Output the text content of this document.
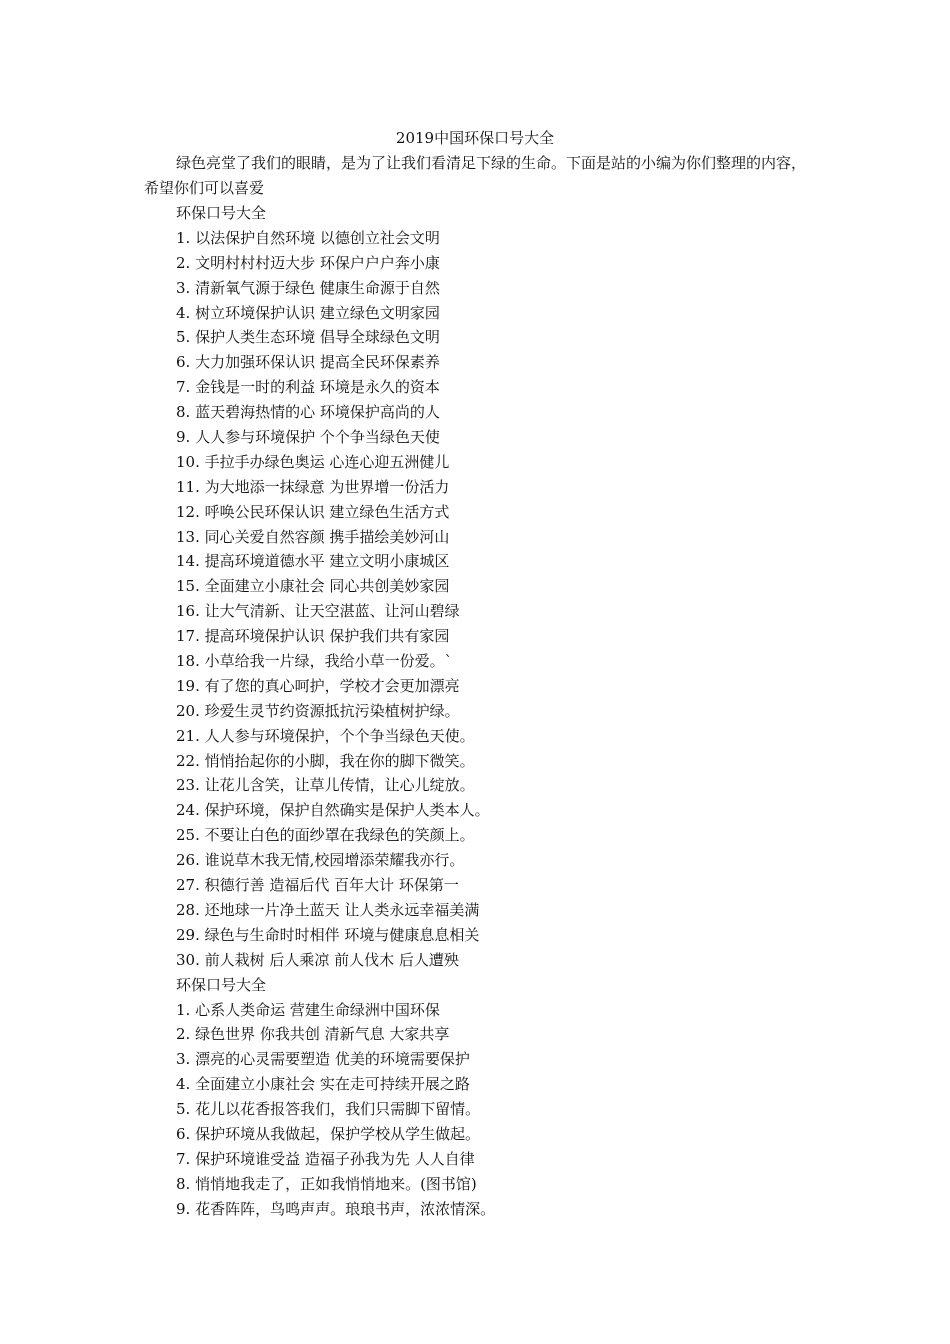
2019中国环保口号大全
绿色亮堂了我们的眼睛，是为了让我们看清足下绿的生命。下面是站的小编为你们整理的内容，希望你们可以喜爱
环保口号大全
1. 以法保护自然环境 以德创立社会文明
2. 文明村村村迈大步 环保户户户奔小康
3. 清新氧气源于绿色 健康生命源于自然
4. 树立环境保护认识 建立绿色文明家园
5. 保护人类生态环境 倡导全球绿色文明
6. 大力加强环保认识 提高全民环保素养
7. 金钱是一时的利益 环境是永久的资本
8. 蓝天碧海热情的心 环境保护高尚的人
9. 人人参与环境保护 个个争当绿色天使
10. 手拉手办绿色奥运 心连心迎五洲健儿
11. 为大地添一抹绿意 为世界增一份活力
12. 呼唤公民环保认识 建立绿色生活方式
13. 同心关爱自然容颜 携手描绘美妙河山
14. 提高环境道德水平 建立文明小康城区
15. 全面建立小康社会 同心共创美妙家园
16. 让大气清新、让天空湛蓝、让河山碧绿
17. 提高环境保护认识 保护我们共有家园
18. 小草给我一片绿，我给小草一份爱。`
19. 有了您的真心呵护，学校才会更加漂亮
20. 珍爱生灵节约资源抵抗污染植树护绿。
21. 人人参与环境保护，个个争当绿色天使。
22. 悄悄抬起你的小脚，我在你的脚下微笑。
23. 让花儿含笑，让草儿传情，让心儿绽放。
24. 保护环境，保护自然确实是保护人类本人。
25. 不要让白色的面纱罩在我绿色的笑颜上。
26. 谁说草木我无情,校园增添荣耀我亦行。
27. 积德行善 造福后代 百年大计 环保第一
28. 还地球一片净土蓝天 让人类永远幸福美满
29. 绿色与生命时时相伴 环境与健康息息相关
30. 前人栽树 后人乘凉 前人伐木 后人遭殃
环保口号大全
1. 心系人类命运 营建生命绿洲中国环保
2. 绿色世界 你我共创 清新气息 大家共享
3. 漂亮的心灵需要塑造 优美的环境需要保护
4. 全面建立小康社会 实在走可持续开展之路
5. 花儿以花香报答我们，我们只需脚下留情。
6. 保护环境从我做起，保护学校从学生做起。
7. 保护环境谁受益 造福子孙我为先 人人自律
8. 悄悄地我走了，正如我悄悄地来。(图书馆)
9. 花香阵阵，鸟鸣声声。琅琅书声，浓浓情深。
